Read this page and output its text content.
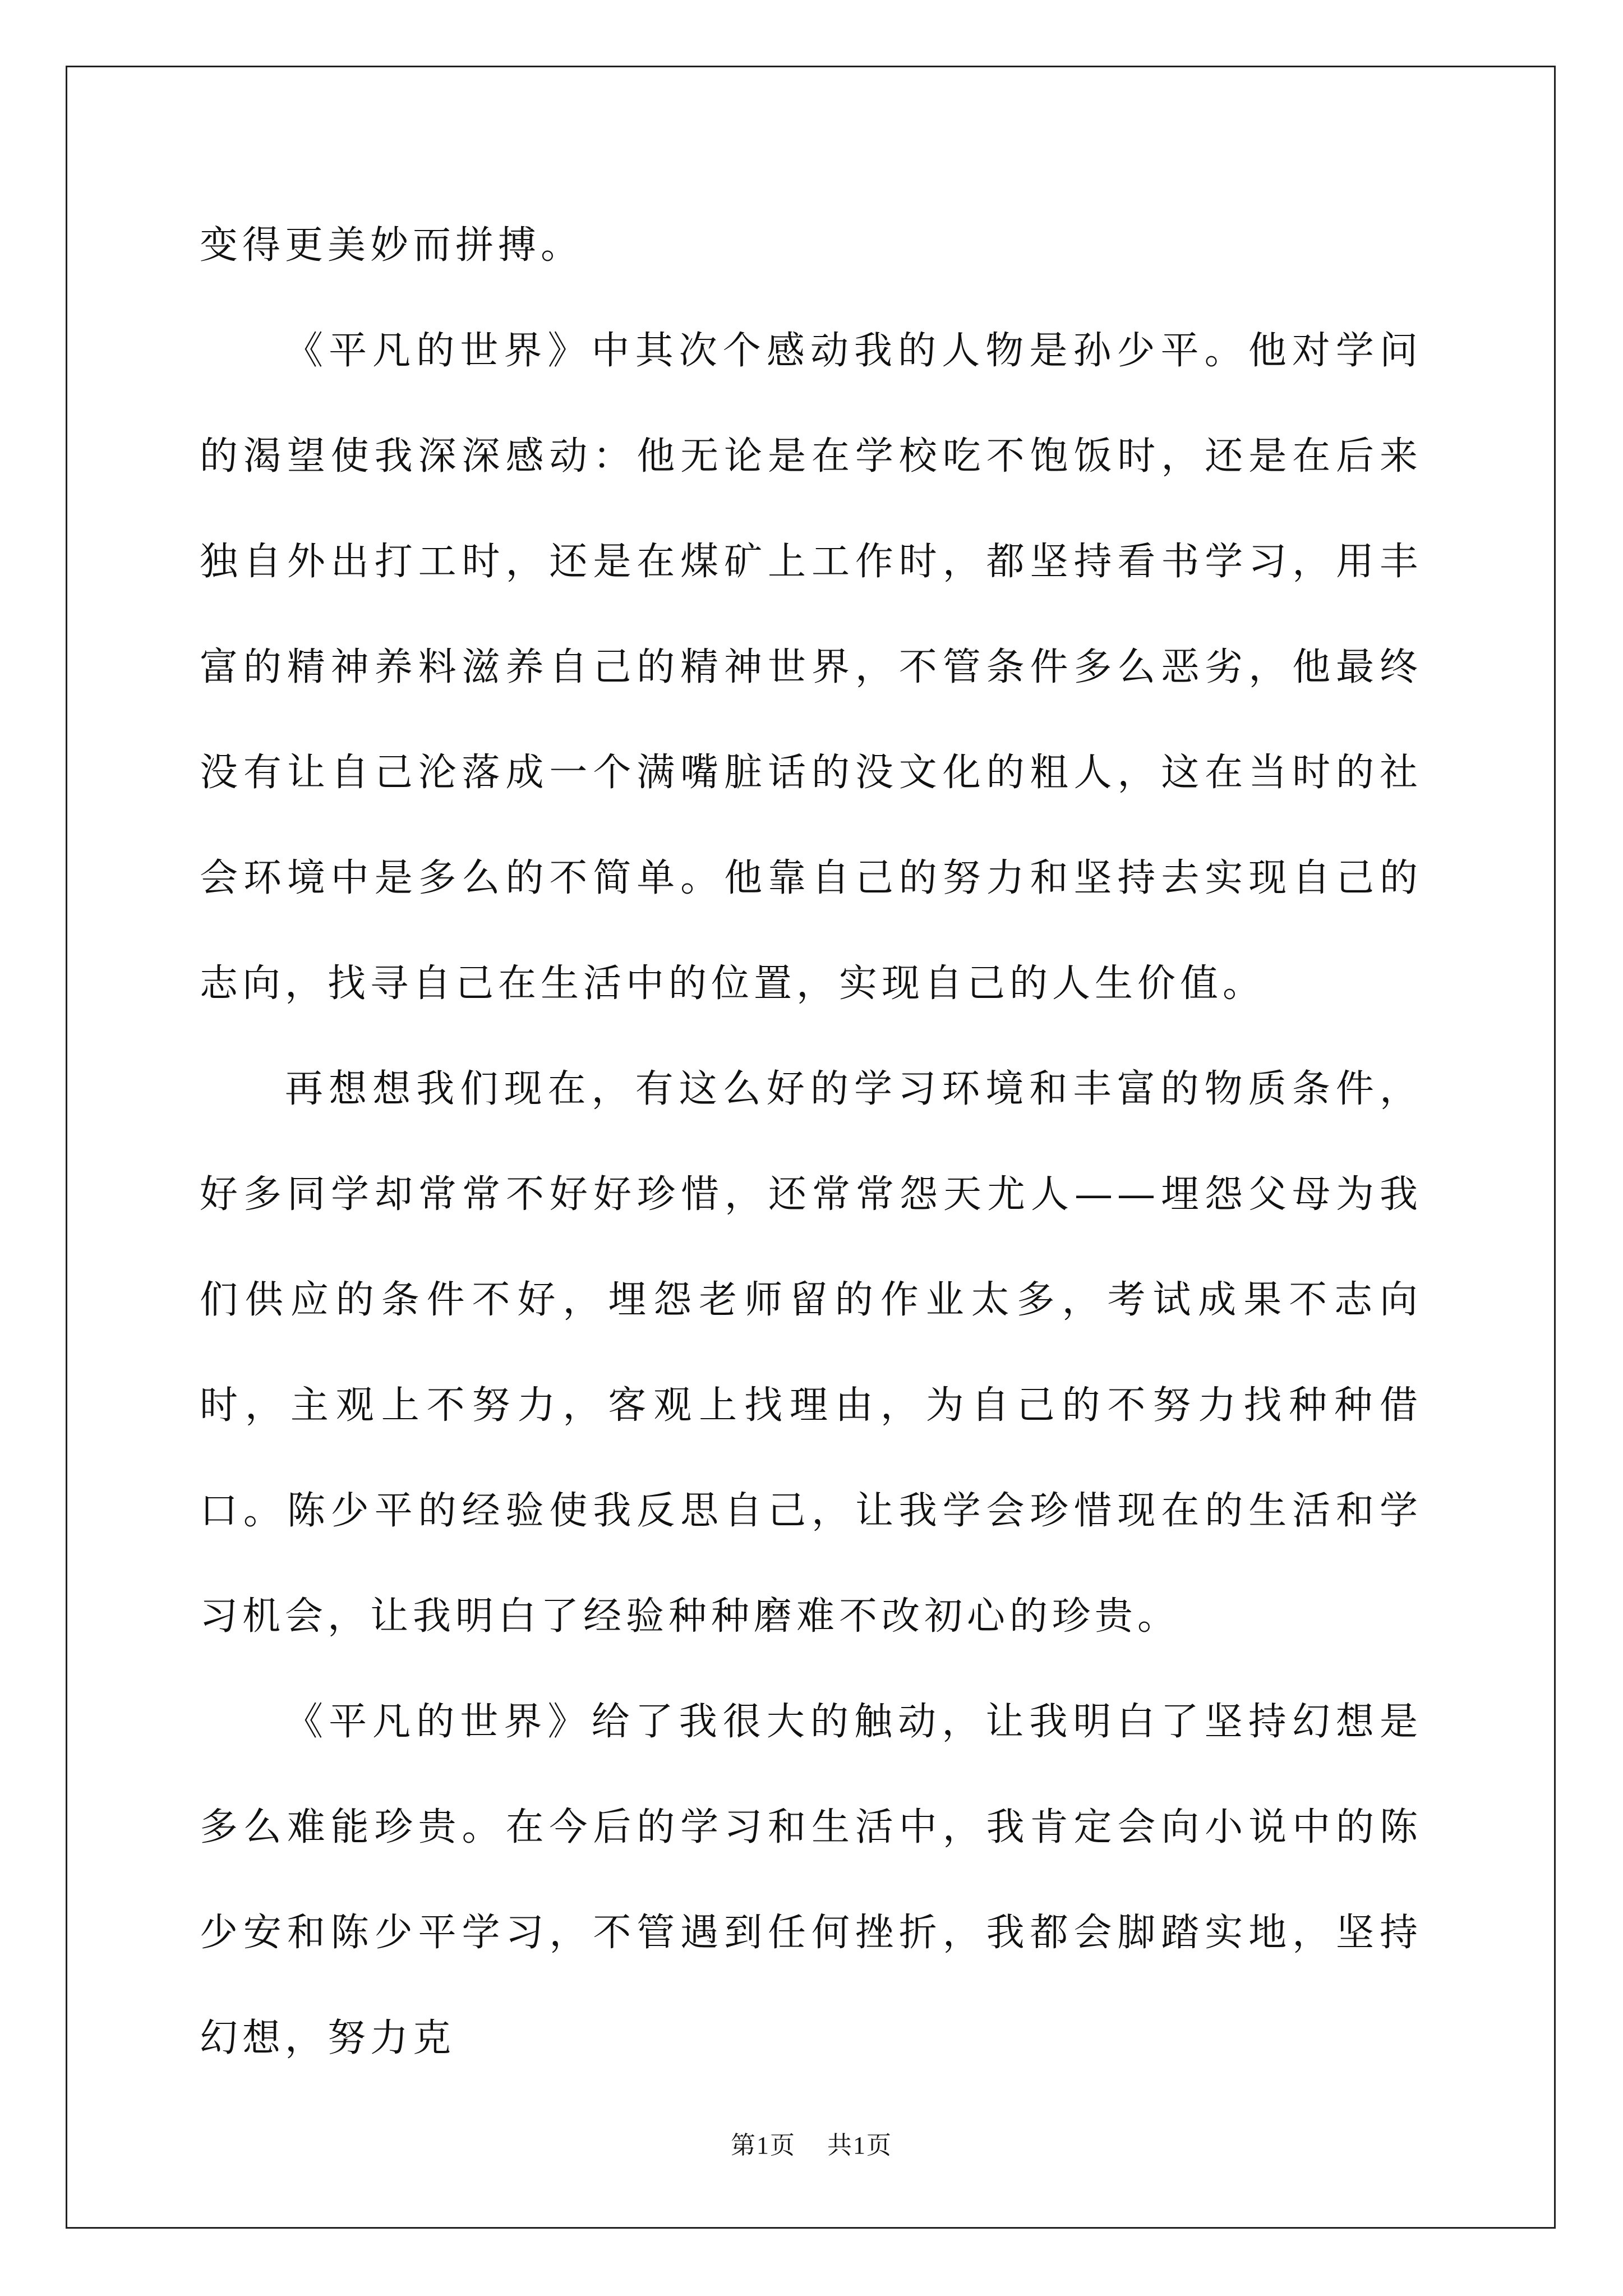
变得更美妙而拼搏。

《平凡的世界》中其次个感动我的人物是孙少平。他对学问的渴望使我深深感动：他无论是在学校吃不饱饭时，还是在后来独自外出打工时，还是在煤矿上工作时，都坚持看书学习，用丰富的精神养料滋养自己的精神世界，不管条件多么恶劣，他最终没有让自己沦落成一个满嘴脏话的没文化的粗人，这在当时的社会环境中是多么的不简单。他靠自己的努力和坚持去实现自己的志向，找寻自己在生活中的位置，实现自己的人生价值。

再想想我们现在，有这么好的学习环境和丰富的物质条件，好多同学却常常不好好珍惜，还常常怨天尤人——埋怨父母为我们供应的条件不好，埋怨老师留的作业太多，考试成果不志向时，主观上不努力，客观上找理由，为自己的不努力找种种借口。陈少平的经验使我反思自己，让我学会珍惜现在的生活和学习机会，让我明白了经验种种磨难不改初心的珍贵。

《平凡的世界》给了我很大的触动，让我明白了坚持幻想是多么难能珍贵。在今后的学习和生活中，我肯定会向小说中的陈少安和陈少平学习，不管遇到任何挫折，我都会脚踏实地，坚持幻想，努力克

第1页 共1页
